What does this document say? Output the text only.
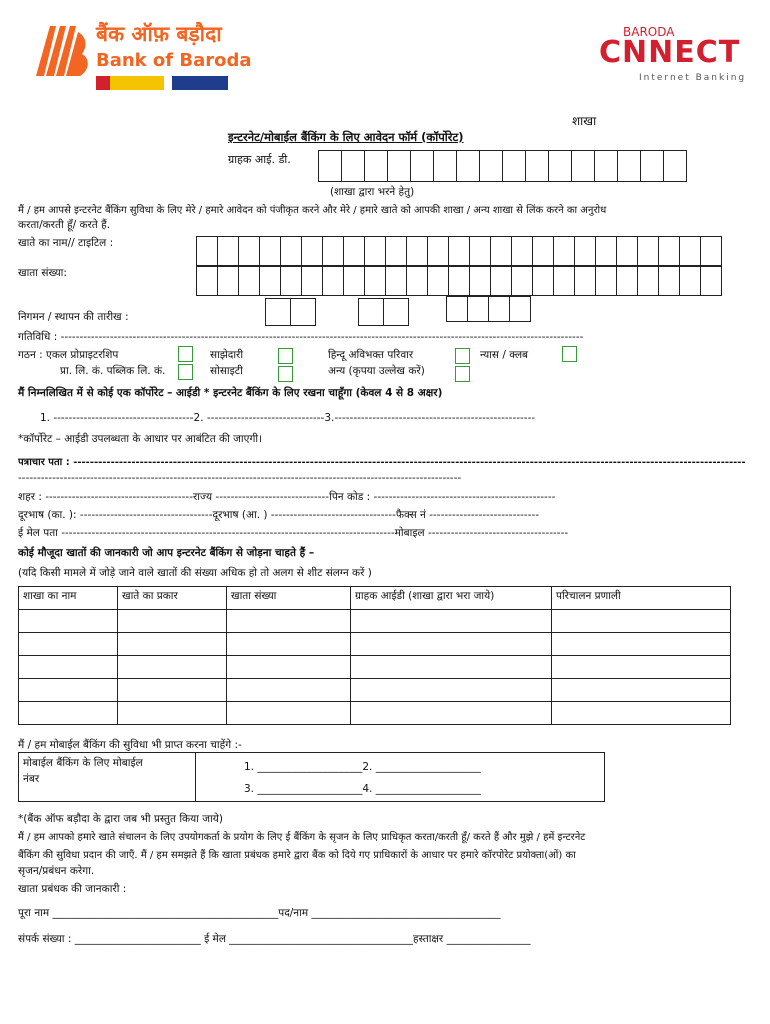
बैंक ऑफ़ बड़ौदा
Bank of Baroda
BARODA
CNNECT
Internet Banking
शाखा
इन्टरनेट/मोबाईल बैंकिंग के लिए आवेदन फॉर्म (कॉर्पोरेट)
ग्राहक आई. डी.
(शाखा द्वारा भरने हेतु)
मैं / हम आपसे इन्टरनेट बैंकिंग सुविधा के लिए मेरे / हमारे आवेदन को पंजीकृत करने और मेरे / हमारे खाते को आपकी शाखा / अन्य शाखा से लिंक करने का अनुरोध
करता/करती हूँ/ करते हैं.
खाते का नाम// टाइटिल :
खाता संख्या:
निगमन / स्थापन की तारीख :
गतिविधि : ------------------------------------------------------------------------------------------------------------------------------------------
गठन : एकल प्रोप्राइटरशिप	साझेदारी	हिन्दू अविभक्त परिवार	न्यास / क्लब
प्रा. लि. कं. पब्लिक लि. कं.	सोसाइटी	अन्य (कृपया उल्लेख करें)
मैं निम्नलिखित में से कोई एक कॉर्पोरेट – आईडी * इन्टरनेट बैंकिंग के लिए रखना चाहूँगा (केवल 4 से 8 अक्षर)
1. -------------------------------------2. -------------------------------3.-----------------------------------------------------
*कॉर्पोरेट – आईडी उपलब्धता के आधार पर आबंटित की जाएगी।
पत्राचार पता : ------------------------------------------------------------------------------------------------------------------------------------------------------------------
---------------------------------------------------------------------------------------------------------------------
शहर : ---------------------------------------राज्य ------------------------------पिन कोड : ------------------------------------------------
दूरभाष (का. ): -----------------------------------दूरभाष (आ. ) ---------------------------------फैक्स नं -----------------------------
ई मेल पता ----------------------------------------------------------------------------------------मोबाइल -------------------------------------
कोई मौजूदा खातों की जानकारी जो आप इन्टरनेट बैंकिंग से जोड़ना चाहते हैं –
(यदि किसी मामले में जोड़े जाने वाले खातों की संख्या अधिक हो तो अलग से शीट संलग्न करें )
शाखा का नाम	खाते का प्रकार	खाता संख्या	ग्राहक आईडी (शाखा द्वारा भरा जाये)	परिचालन प्रणाली

मैं / हम मोबाईल बैंकिंग की सुविधा भी प्राप्त करना चाहेंगे :-
मोबाईल बैंकिंग के लिए मोबाईल
नंबर
1. ____________________2. ____________________
3. ____________________4. ____________________
*(बैंक ऑफ बड़ौदा के द्वारा जब भी प्रस्तुत किया जाये)
मैं / हम आपको हमारे खाते संचालन के लिए उपयोगकर्ता के प्रयोग के लिए ई बैंकिंग के सृजन के लिए प्राधिकृत करता/करती हूँ/ करते हैं और मुझे / हमें इन्टरनेट
बैंकिंग की सुविधा प्रदान की जाएँ. मैं / हम समझते हैं कि खाता प्रबंधक हमारे द्वारा बैंक को दिये गए प्राधिकारों के आधार पर हमारे कॉरपोरेट प्रयोक्ता(ओं) का
सृजन/प्रबंधन करेगा.
खाता प्रबंधक की जानकारी :
पूरा नाम ___________________________________________पद/नाम ____________________________________
संपर्क संख्या : ________________________ ई मेल ___________________________________हस्ताक्षर ________________
